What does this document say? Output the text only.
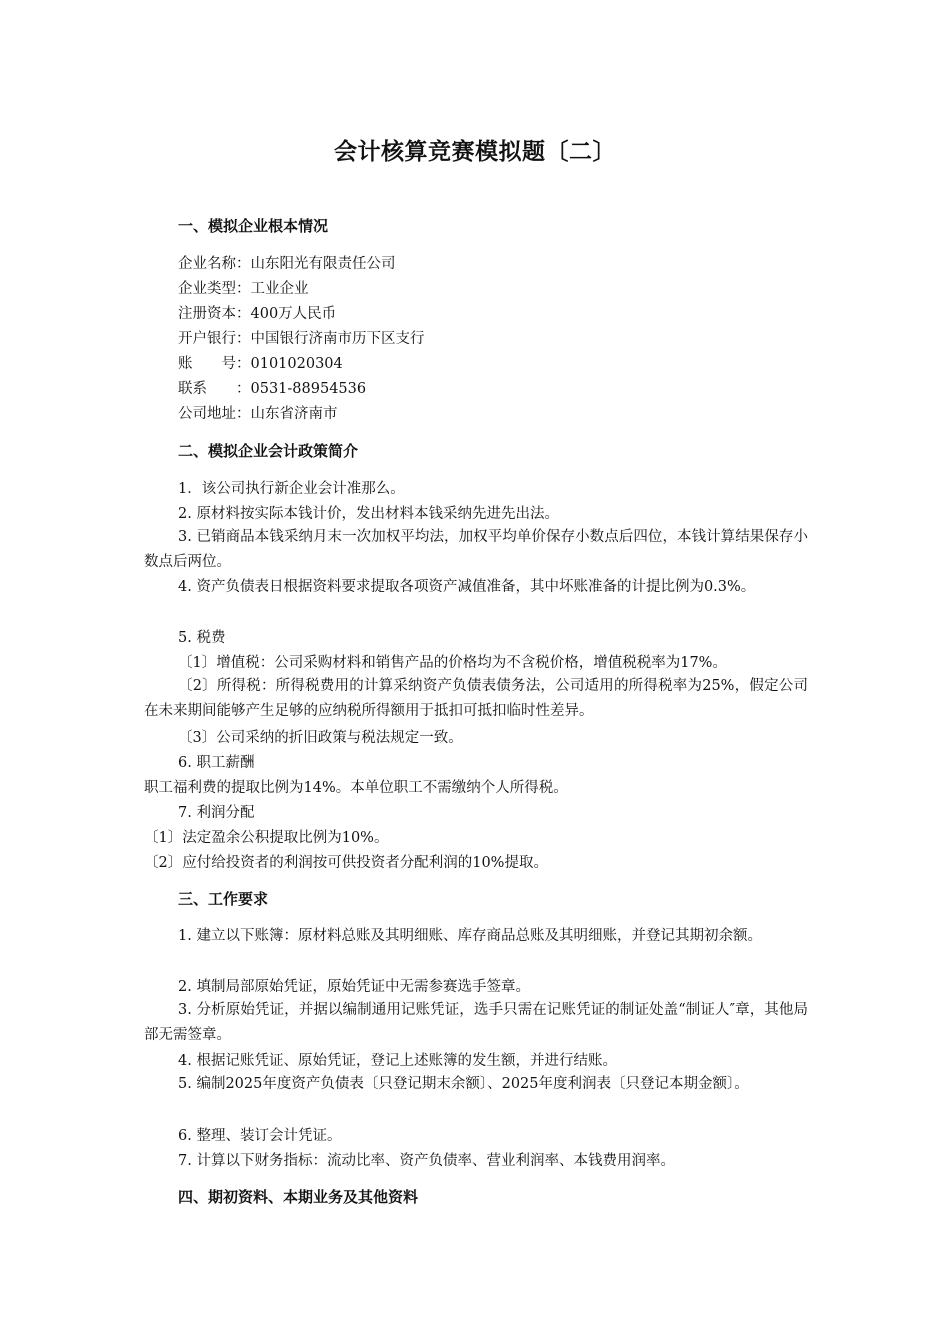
会计核算竞赛模拟题〔二〕
一、模拟企业根本情况
企业名称：山东阳光有限责任公司
企业类型：工业企业
注册资本：400万人民币
开户银行：中国银行济南市历下区支行
账　　号：0101020304
联系　　：0531-88954536
公司地址：山东省济南市
二、模拟企业会计政策简介
1．该公司执行新企业会计准那么。
2. 原材料按实际本钱计价，发出材料本钱采纳先进先出法。
3. 已销商品本钱采纳月末一次加权平均法，加权平均单价保存小数点后四位，本钱计算结果保存小数点后两位。
4. 资产负债表日根据资料要求提取各项资产减值准备，其中坏账准备的计提比例为0.3%。
5. 税费
〔1〕增值税：公司采购材料和销售产品的价格均为不含税价格，增值税税率为17%。
〔2〕所得税：所得税费用的计算采纳资产负债表债务法，公司适用的所得税率为25%，假定公司在未来期间能够产生足够的应纳税所得额用于抵扣可抵扣临时性差异。
〔3〕公司采纳的折旧政策与税法规定一致。
6. 职工薪酬
职工福利费的提取比例为14%。本单位职工不需缴纳个人所得税。
7. 利润分配
〔1〕法定盈余公积提取比例为10%。
〔2〕应付给投资者的利润按可供投资者分配利润的10%提取。
三、工作要求
1. 建立以下账簿：原材料总账及其明细账、库存商品总账及其明细账，并登记其期初余额。
2. 填制局部原始凭证，原始凭证中无需参赛选手签章。
3. 分析原始凭证，并据以编制通用记账凭证，选手只需在记账凭证的制证处盖“制证人″章，其他局部无需签章。
4. 根据记账凭证、原始凭证，登记上述账簿的发生额，并进行结账。
5. 编制2025年度资产负债表〔只登记期末余额〕、2025年度利润表〔只登记本期金额〕。
6. 整理、装订会计凭证。
7. 计算以下财务指标：流动比率、资产负债率、营业利润率、本钱费用润率。
四、期初资料、本期业务及其他资料
